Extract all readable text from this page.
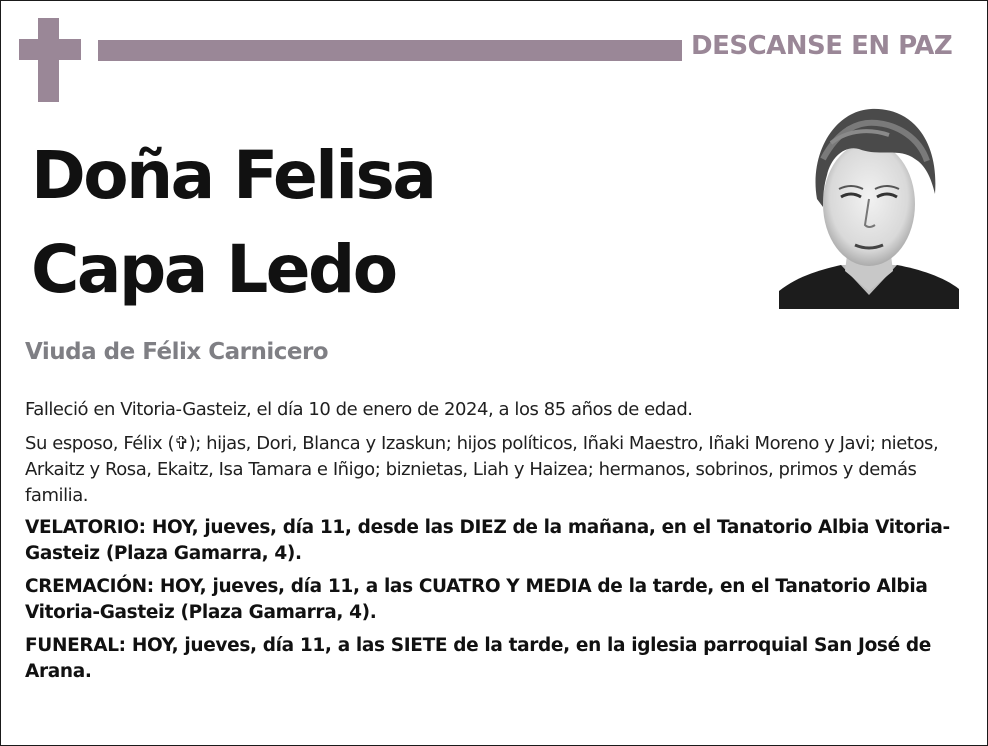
DESCANSE EN PAZ
Doña Felisa
Capa Ledo
Viuda de Félix Carnicero

Falleció en Vitoria-Gasteiz, el día 10 de enero de 2024, a los 85 años de edad.

Su esposo, Félix (✞); hijas, Dori, Blanca y Izaskun; hijos políticos, Iñaki Maestro, Iñaki Moreno y Javi; nietos, Arkaitz y Rosa, Ekaitz, Isa Tamara e Iñigo; biznietas, Liah y Haizea; hermanos, sobrinos, primos y demás familia.

VELATORIO: HOY, jueves, día 11, desde las DIEZ de la mañana, en el Tanatorio Albia Vitoria-Gasteiz (Plaza Gamarra, 4).

CREMACIÓN: HOY, jueves, día 11, a las CUATRO Y MEDIA de la tarde, en el Tanatorio Albia Vitoria-Gasteiz (Plaza Gamarra, 4).

FUNERAL: HOY, jueves, día 11, a las SIETE de la tarde, en la iglesia parroquial San José de Arana.
